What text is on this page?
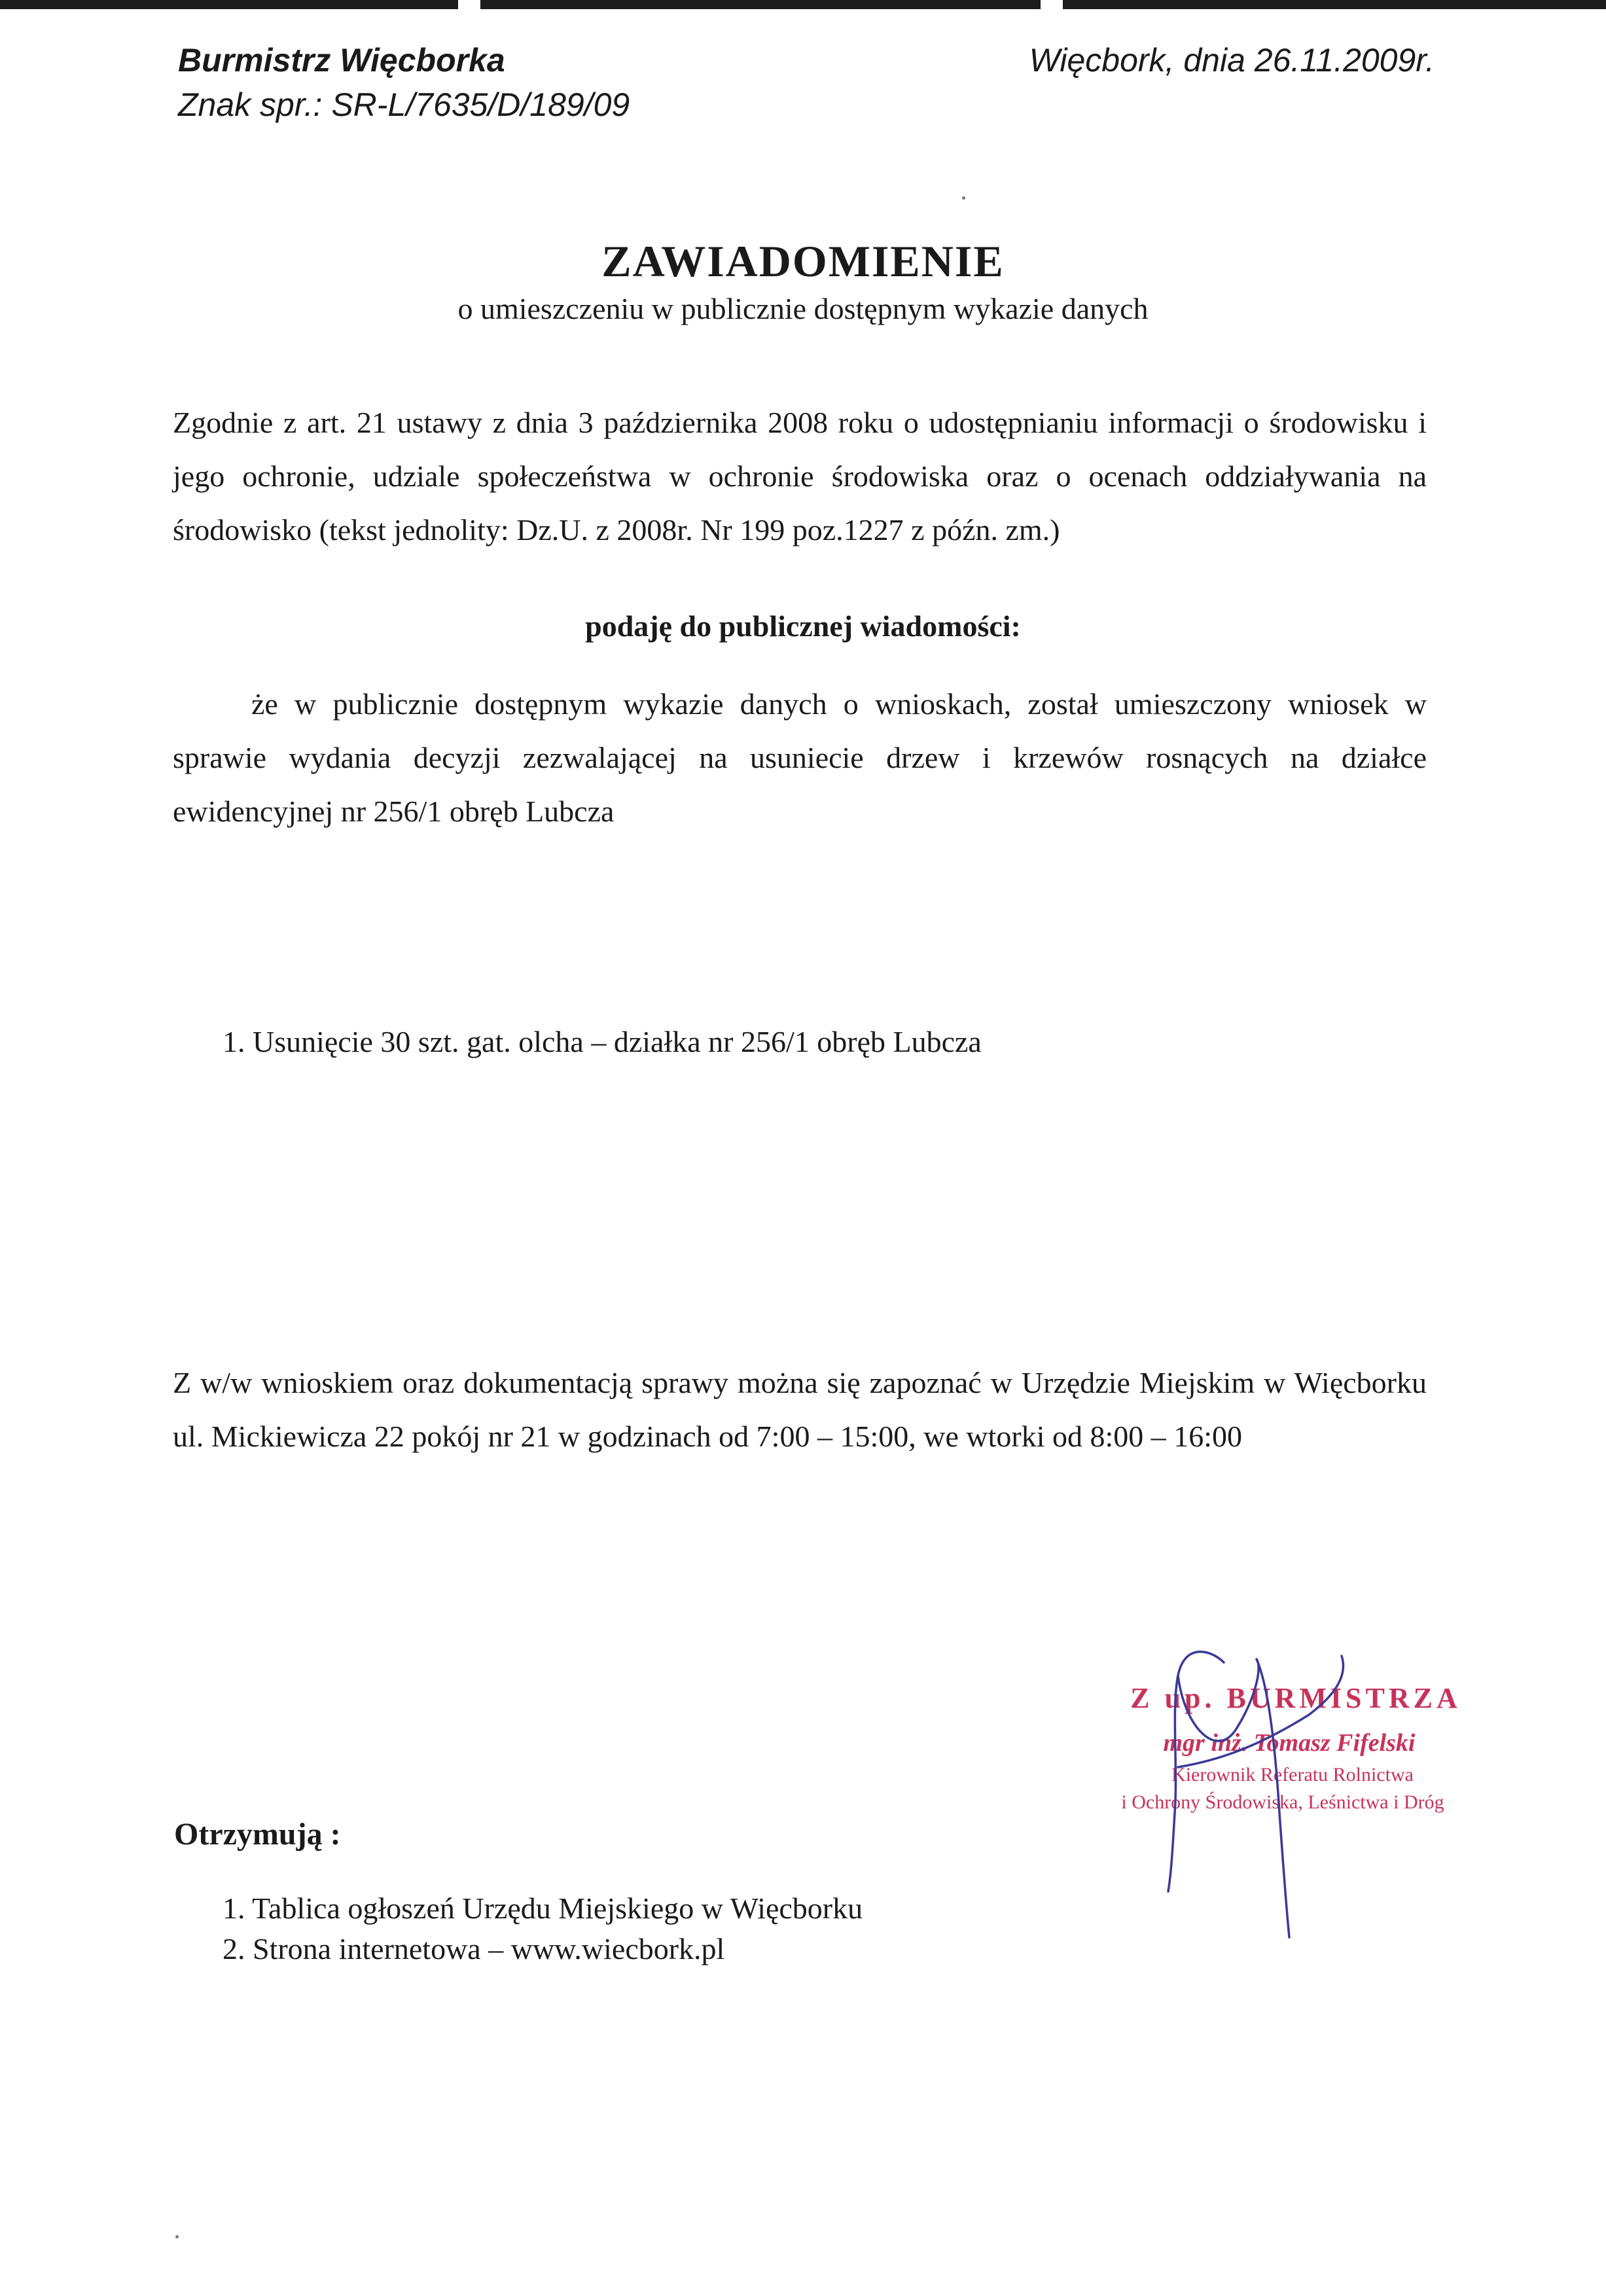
Burmistrz Więcborka
Znak spr.: SR-L/7635/D/189/09
Więcbork, dnia 26.11.2009r.
ZAWIADOMIENIE
o umieszczeniu w publicznie dostępnym wykazie danych
Zgodnie z art. 21 ustawy z dnia 3 października 2008 roku o udostępnianiu informacji o środowisku i jego ochronie, udziale społeczeństwa w ochronie środowiska oraz o ocenach oddziaływania na środowisko (tekst jednolity: Dz.U. z 2008r. Nr 199 poz.1227 z późn. zm.)
podaję do publicznej wiadomości:
że w publicznie dostępnym wykazie danych o wnioskach, został umieszczony wniosek w sprawie wydania decyzji zezwalającej na usuniecie drzew i krzewów rosnących na działce ewidencyjnej nr 256/1 obręb Lubcza
1. Usunięcie 30 szt. gat. olcha – działka nr 256/1 obręb Lubcza
Z w/w wnioskiem oraz dokumentacją sprawy można się zapoznać w Urzędzie Miejskim w Więcborku ul. Mickiewicza 22 pokój nr 21 w godzinach od 7:00 – 15:00, we wtorki od 8:00 – 16:00
Otrzymują :
1. Tablica ogłoszeń Urzędu Miejskiego w Więcborku
2. Strona internetowa – www.wiecbork.pl
Z up. BURMISTRZA
mgr inż. Tomasz Fifelski
Kierownik Referatu Rolnictwa
i Ochrony Środowiska, Leśnictwa i Dróg
